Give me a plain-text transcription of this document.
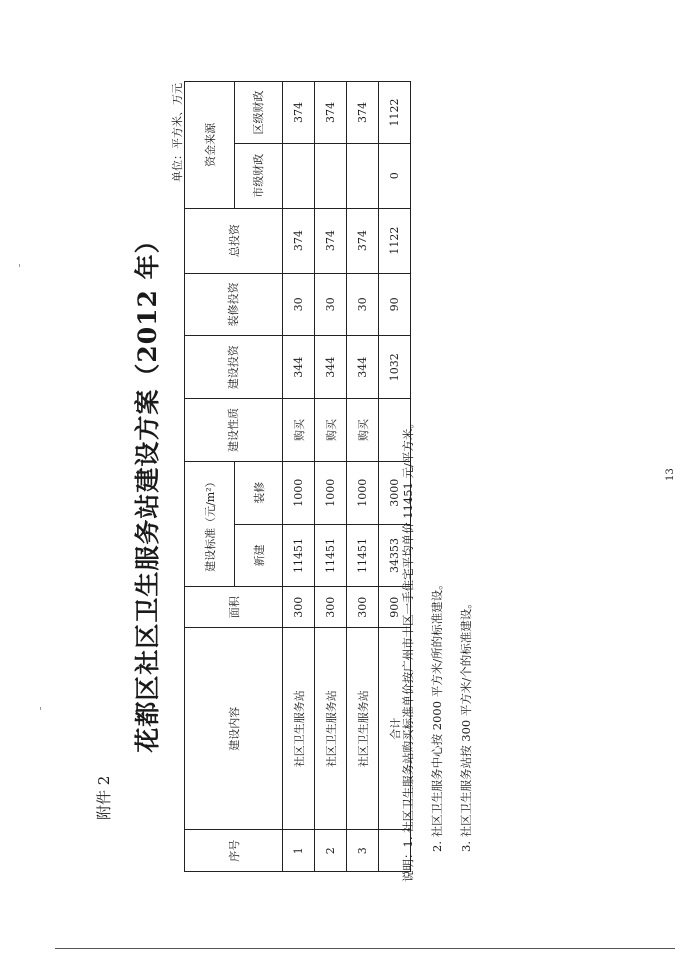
附件 2
花都区社区卫生服务站建设方案（2012 年）
单位：平方米、万元
序号	建设内容	面积	建设标准（元/m²）		建设性质	建设投资	装修投资	总投资	资金来源	
			新建	装修					市级财政	区级财政
1	社区卫生服务站	300	11451	1000	购买	344	30	374		374
2	社区卫生服务站	300	11451	1000	购买	344	30	374		374
3	社区卫生服务站	300	11451	1000	购买	344	30	374		374
	合计	900	34353	3000		1032	90	1122	0	1122
说明：1. 社区卫生服务站购买标准单价按广州市十区一手住宅平均单价 11451 元/平方米。	2. 社区卫生服务中心按 2000 平方米/所的标准建设。	3. 社区卫生服务站按 300 平方米/个的标准建设。
13
